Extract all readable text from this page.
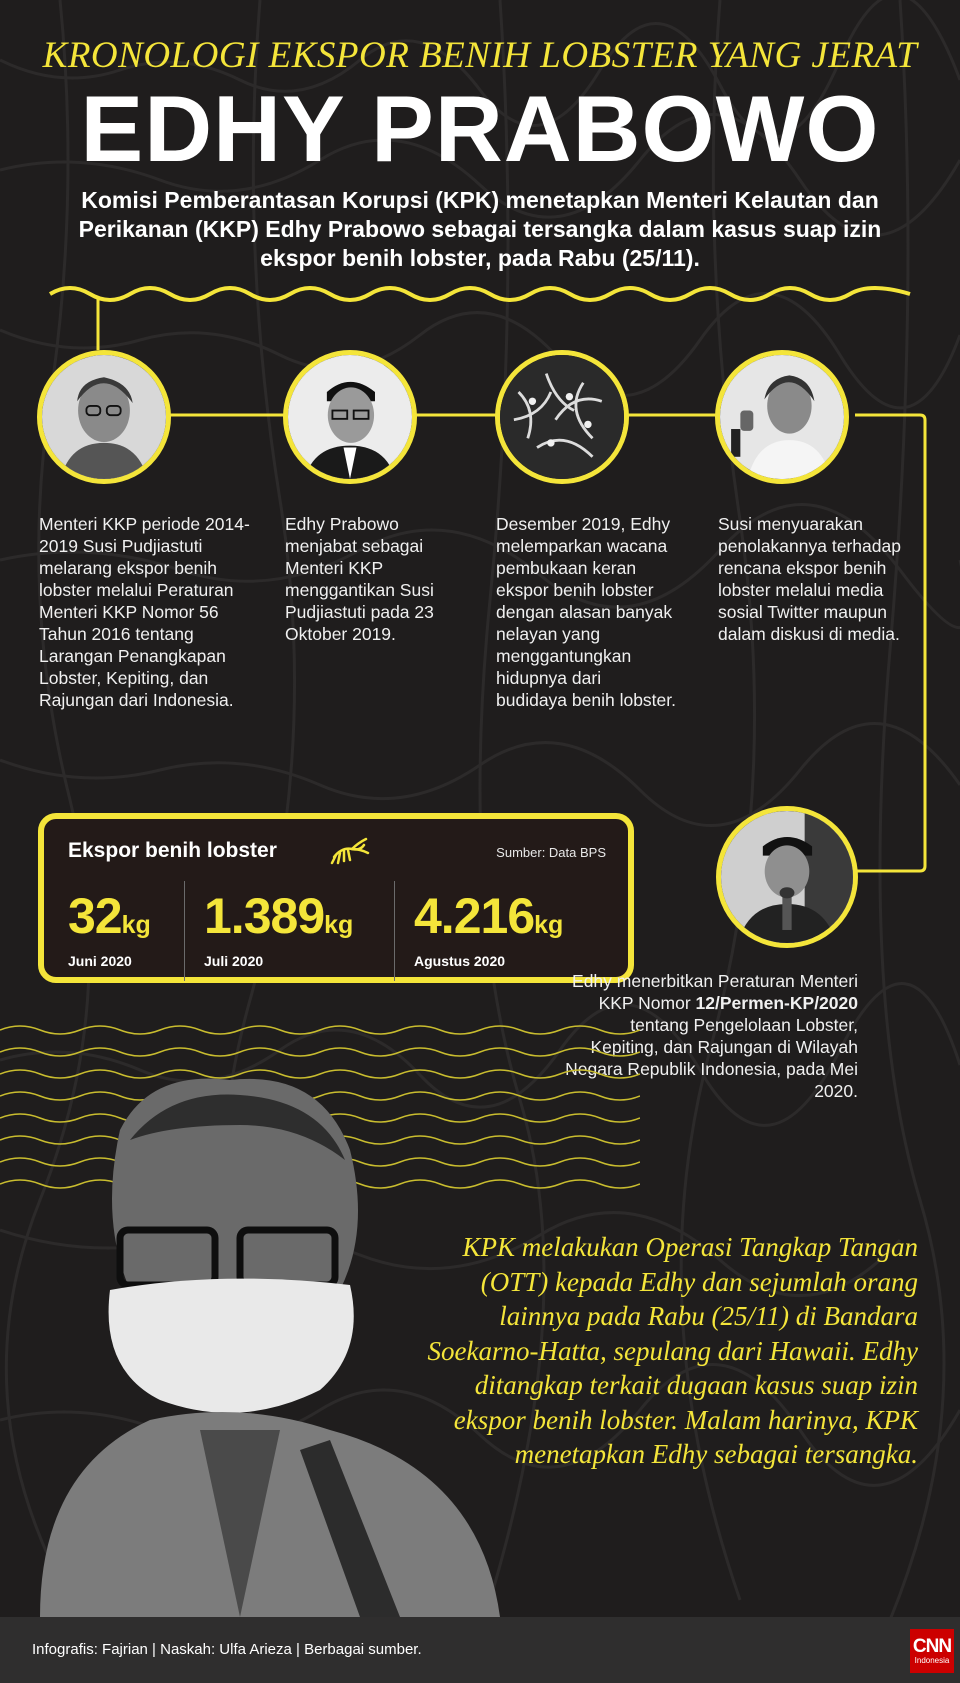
KRONOLOGI EKSPOR BENIH LOBSTER YANG JERAT
EDHY PRABOWO
Komisi Pemberantasan Korupsi (KPK) menetapkan Menteri Kelautan dan Perikanan (KKP) Edhy Prabowo sebagai tersangka dalam kasus suap izin ekspor benih lobster, pada Rabu (25/11).
Menteri KKP periode 2014-2019 Susi Pudjiastuti melarang ekspor benih lobster melalui Peraturan Menteri KKP Nomor 56 Tahun 2016 tentang Larangan Penangkapan Lobster, Kepiting, dan Rajungan dari Indonesia.
Edhy Prabowo menjabat sebagai Menteri KKP menggantikan Susi Pudjiastuti pada 23 Oktober 2019.
Desember 2019, Edhy melemparkan wacana pembukaan keran ekspor benih lobster dengan alasan banyak nelayan yang menggantungkan hidupnya dari budidaya benih lobster.
Susi menyuarakan penolakannya terhadap rencana ekspor benih lobster melalui media sosial Twitter maupun dalam diskusi di media.
Ekspor benih lobster	Sumber: Data BPS
32kg
Juni 2020
1.389kg
Juli 2020
4.216kg
Agustus 2020
Edhy menerbitkan Peraturan Menteri KKP Nomor 12/Permen-KP/2020 tentang Pengelolaan Lobster, Kepiting, dan Rajungan di Wilayah Negara Republik Indonesia, pada Mei 2020.
KPK melakukan Operasi Tangkap Tangan (OTT) kepada Edhy dan sejumlah orang lainnya pada Rabu (25/11) di Bandara Soekarno-Hatta, sepulang dari Hawaii. Edhy ditangkap terkait dugaan kasus suap izin ekspor benih lobster. Malam harinya, KPK menetapkan Edhy sebagai tersangka.
Infografis: Fajrian | Naskah: Ulfa Arieza | Berbagai sumber.	CNN
Indonesia
